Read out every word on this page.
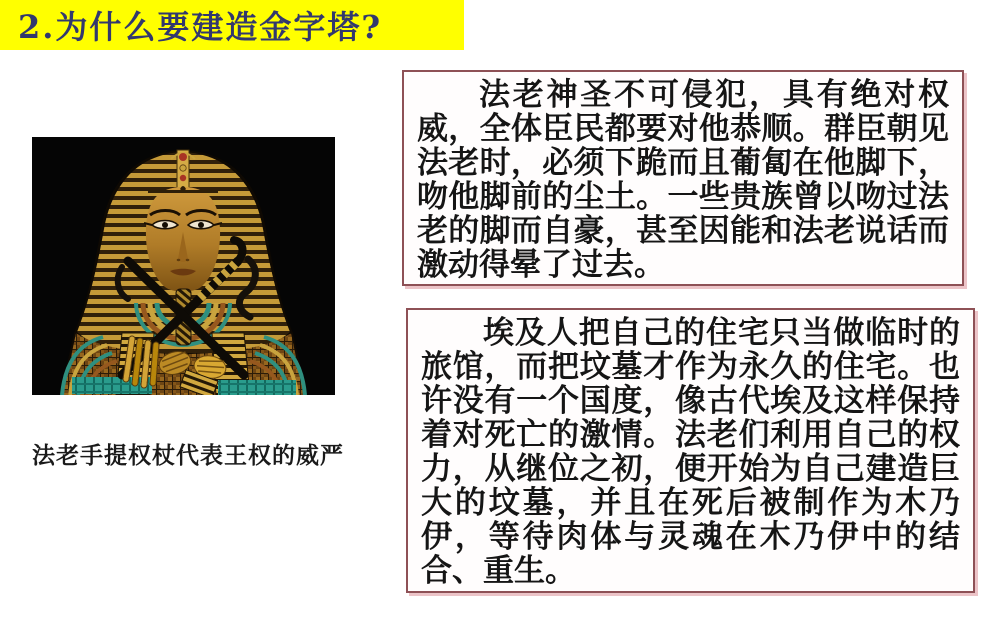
2.为什么要建造金字塔?
法老手提权杖代表王权的威严

法老神圣不可侵犯，具有绝对权威，全体臣民都要对他恭顺。群臣朝见法老时，必须下跪而且葡匐在他脚下，吻他脚前的尘土。一些贵族曾以吻过法老的脚而自豪，甚至因能和法老说话而激动得晕了过去。

埃及人把自己的住宅只当做临时的旅馆，而把坟墓才作为永久的住宅。也许没有一个国度，像古代埃及这样保持着对死亡的激情。法老们利用自己的权力，从继位之初，便开始为自己建造巨大的坟墓，并且在死后被制作为木乃伊，等待肉体与灵魂在木乃伊中的结合、重生。
